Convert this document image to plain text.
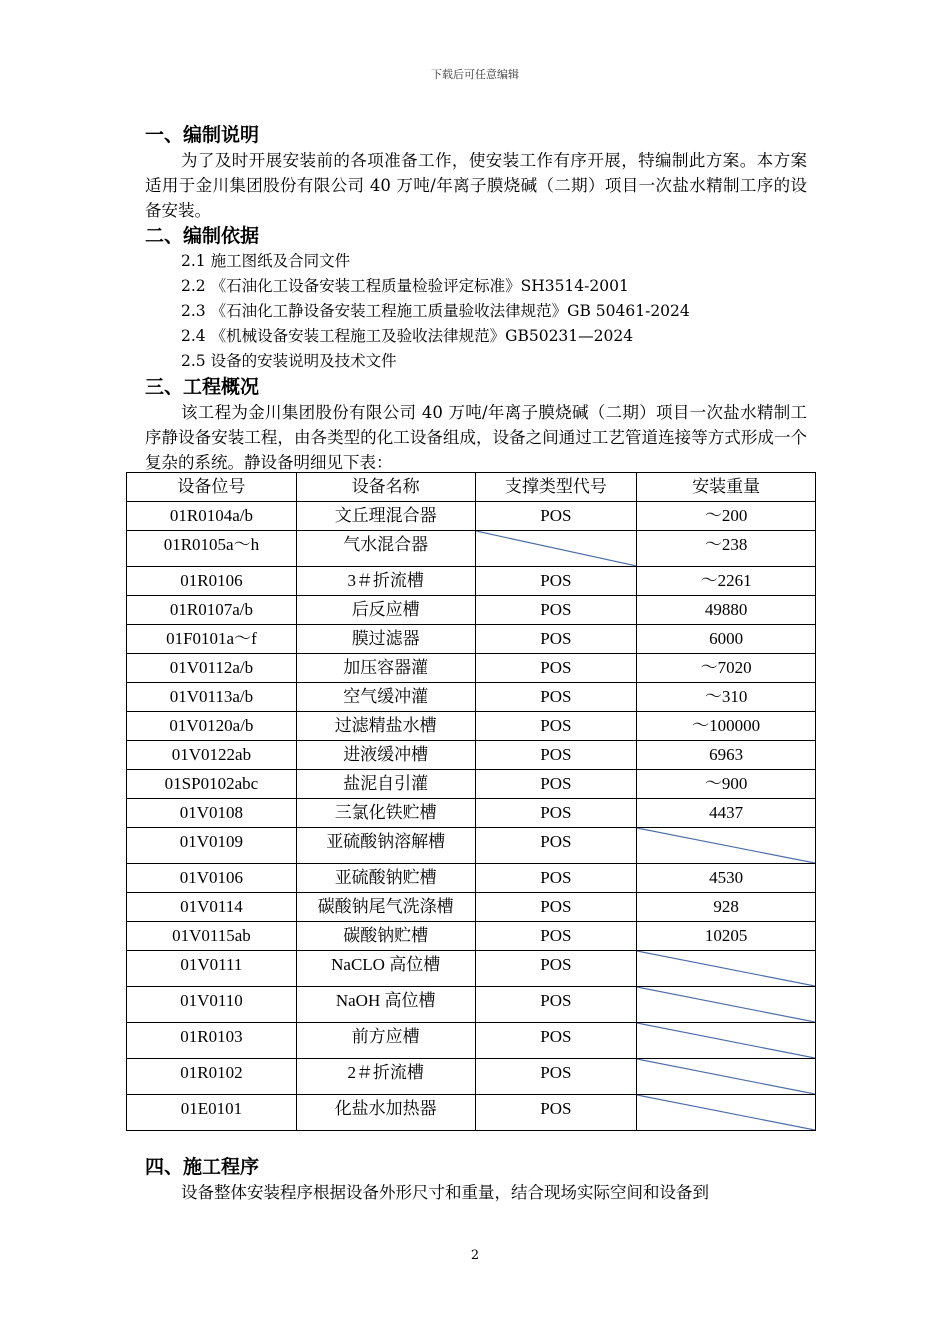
下载后可任意编辑
一、编制说明

为了及时开展安装前的各项准备工作，使安装工作有序开展，特编制此方案。本方案适用于金川集团股份有限公司 40 万吨/年离子膜烧碱（二期）项目一次盐水精制工序的设备安装。

二、编制依据
2.1 施工图纸及合同文件
2.2 《石油化工设备安装工程质量检验评定标准》SH3514-2001
2.3 《石油化工静设备安装工程施工质量验收法律规范》GB 50461-2024
2.4 《机械设备安装工程施工及验收法律规范》GB50231—2024
2.5 设备的安装说明及技术文件
三、工程概况

该工程为金川集团股份有限公司 40 万吨/年离子膜烧碱（二期）项目一次盐水精制工序静设备安装工程，由各类型的化工设备组成，设备之间通过工艺管道连接等方式形成一个复杂的系统。静设备明细见下表：

设备位号	设备名称	支撑类型代号	安装重量
01R0104a/b	文丘理混合器	POS	～200
01R0105a～h	气水混合器		～238
01R0106	3＃折流槽	POS	～2261
01R0107a/b	后反应槽	POS	49880
01F0101a～f	膜过滤器	POS	6000
01V0112a/b	加压容器灌	POS	～7020
01V0113a/b	空气缓冲灌	POS	～310
01V0120a/b	过滤精盐水槽	POS	～100000
01V0122ab	进液缓冲槽	POS	6963
01SP0102abc	盐泥自引灌	POS	～900
01V0108	三氯化铁贮槽	POS	4437
01V0109	亚硫酸钠溶解槽	POS	

01V0106	亚硫酸钠贮槽	POS	4530
01V0114	碳酸钠尾气洗涤槽	POS	928
01V0115ab	碳酸钠贮槽	POS	10205
01V0111	NaCLO 高位槽	POS	

01V0110	NaOH 高位槽	POS	

01R0103	前方应槽	POS	

01R0102	2＃折流槽	POS	

01E0101	化盐水加热器	POS	
四、施工程序

设备整体安装程序根据设备外形尺寸和重量，结合现场实际空间和设备到

2
